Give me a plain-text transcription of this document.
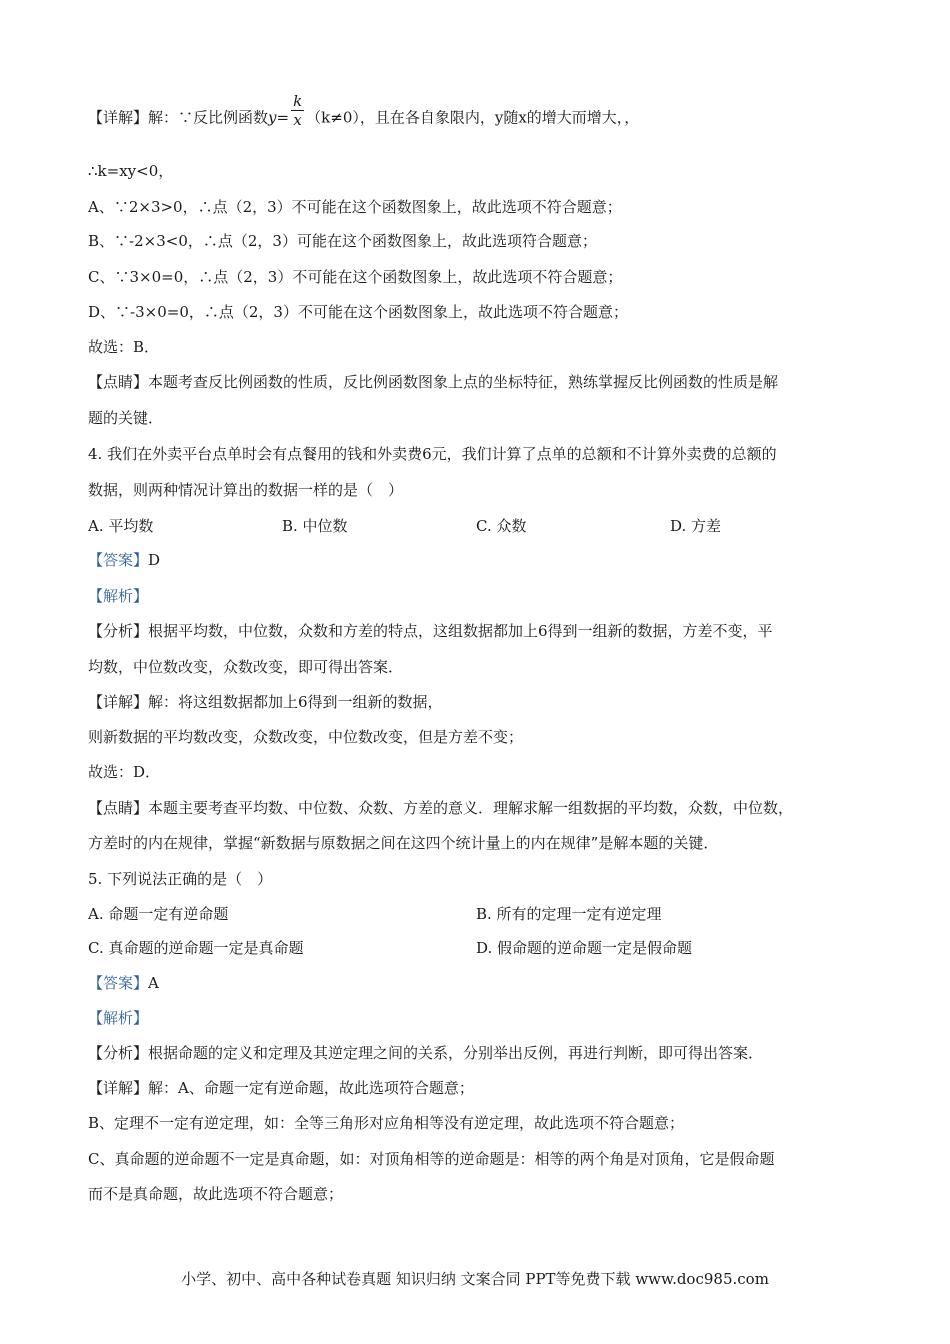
【详解】解：∵反比例函数$y= \frac{k}{x} (k\ne 0)$，且在各自象限内，y随x的增大而增大，，
∴k=xy<0，
A、∵2×3>0，∴点（2，3）不可能在这个函数图象上，故此选项不符合题意；
B、∵-2×3<0，∴点（2，3）可能在这个函数图象上，故此选项符合题意；
C、∵3×0=0，∴点（2，3）不可能在这个函数图象上，故此选项不符合题意；
D、∵-3×0=0，∴点（2，3）不可能在这个函数图象上，故此选项不符合题意；
故选：B．
【点睛】本题考查反比例函数的性质，反比例函数图象上点的坐标特征，熟练掌握反比例函数的性质是解
题的关键．
4. 我们在外卖平台点单时会有点餐用的钱和外卖费6元，我们计算了点单的总额和不计算外卖费的总额的
数据，则两种情况计算出的数据一样的是（　）
A. 平均数	B. 中位数	C. 众数	D. 方差
【答案】D
【解析】
【分析】根据平均数，中位数，众数和方差的特点，这组数据都加上6得到一组新的数据，方差不变，平
均数，中位数改变，众数改变，即可得出答案．
【详解】解：将这组数据都加上6得到一组新的数据，
则新数据的平均数改变，众数改变，中位数改变，但是方差不变；
故选：D．
【点睛】本题主要考查平均数、中位数、众数、方差的意义．理解求解一组数据的平均数，众数，中位数，
方差时的内在规律，掌握“新数据与原数据之间在这四个统计量上的内在规律”是解本题的关键．
5. 下列说法正确的是（　）
A. 命题一定有逆命题	B. 所有的定理一定有逆定理
C. 真命题的逆命题一定是真命题	D. 假命题的逆命题一定是假命题
【答案】A
【解析】
【分析】根据命题的定义和定理及其逆定理之间的关系，分别举出反例，再进行判断，即可得出答案．
【详解】解：A、命题一定有逆命题，故此选项符合题意；
B、定理不一定有逆定理，如：全等三角形对应角相等没有逆定理，故此选项不符合题意；
C、真命题的逆命题不一定是真命题，如：对顶角相等的逆命题是：相等的两个角是对顶角，它是假命题
而不是真命题，故此选项不符合题意；
小学、初中、高中各种试卷真题 知识归纳 文案合同 PPT等免费下载 www.doc985.com
